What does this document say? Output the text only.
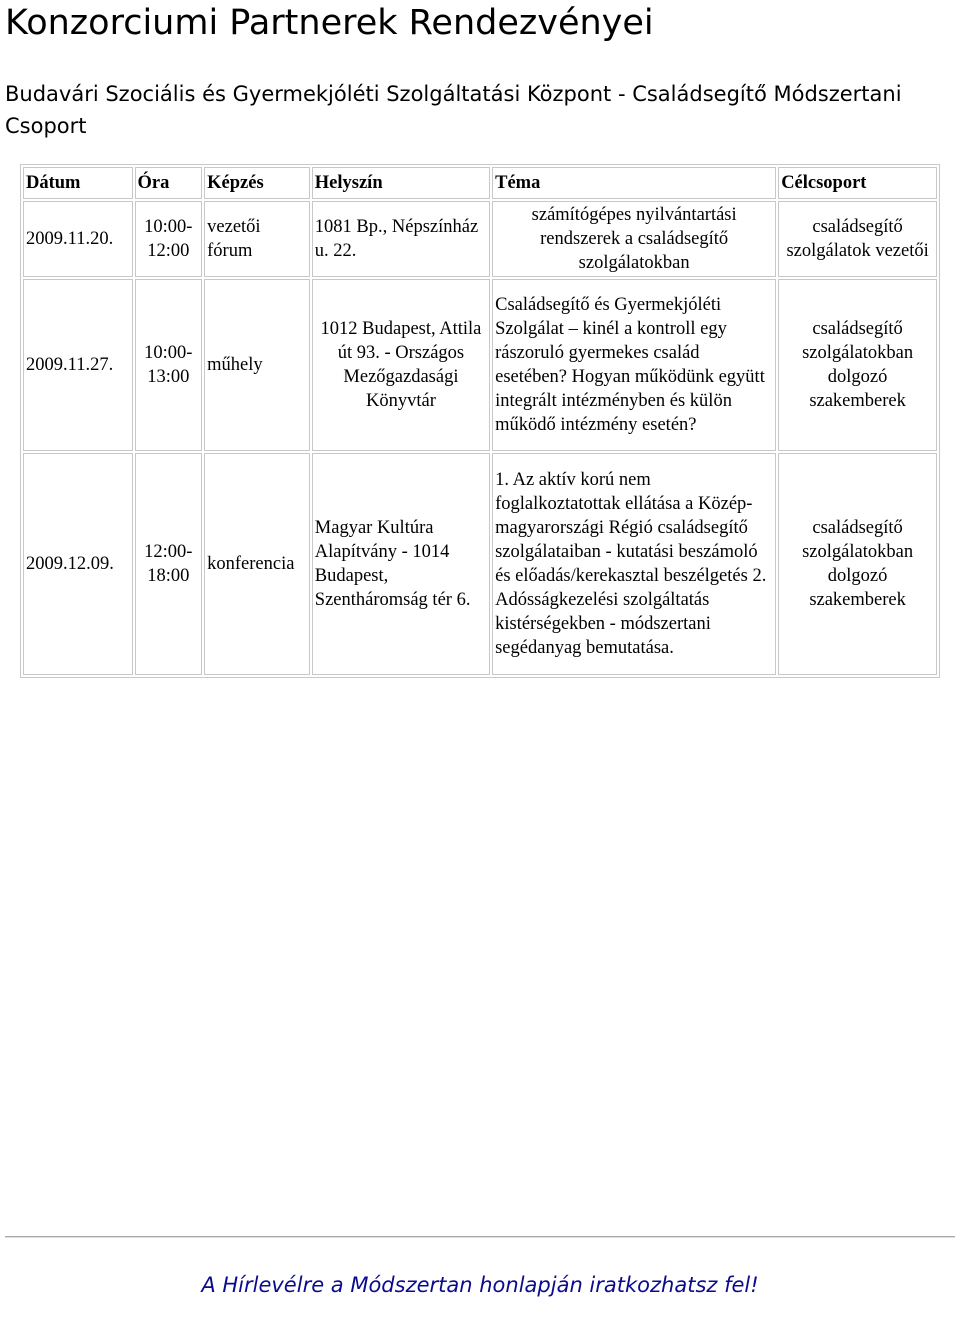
Konzorciumi Partnerek Rendezvényei

Budavári Szociális és Gyermekjóléti Szolgáltatási Központ - Családsegítő Módszertani Csoport

Dátum	Óra	Képzés	Helyszín	Téma	Célcsoport
2009.11.20.	10:00-12:00	vezetői fórum	1081 Bp., Népszínház u. 22.	számítógépes nyilvántartási rendszerek a családsegítő szolgálatokban	családsegítő szolgálatok vezetői
2009.11.27.	10:00-13:00	műhely	1012 Budapest, Attila út 93. - Országos Mezőgazdasági Könyvtár	Családsegítő és Gyermekjóléti Szolgálat – kinél a kontroll egy rászoruló gyermekes család esetében? Hogyan működünk együtt integrált intézményben és külön működő intézmény esetén?	családsegítő szolgálatokban dolgozó szakemberek
2009.12.09.	12:00-18:00	konferencia	Magyar Kultúra Alapítvány - 1014 Budapest, Szentháromság tér 6.	1. Az aktív korú nem foglalkoztatottak ellátása a Közép-magyarországi Régió családsegítő szolgálataiban - kutatási beszámoló és előadás/kerekasztal beszélgetés 2. Adósságkezelési szolgáltatás kistérségekben - módszertani segédanyag bemutatása.	családsegítő szolgálatokban dolgozó szakemberek
A Hírlevélre a Módszertan honlapján iratkozhatsz fel!
